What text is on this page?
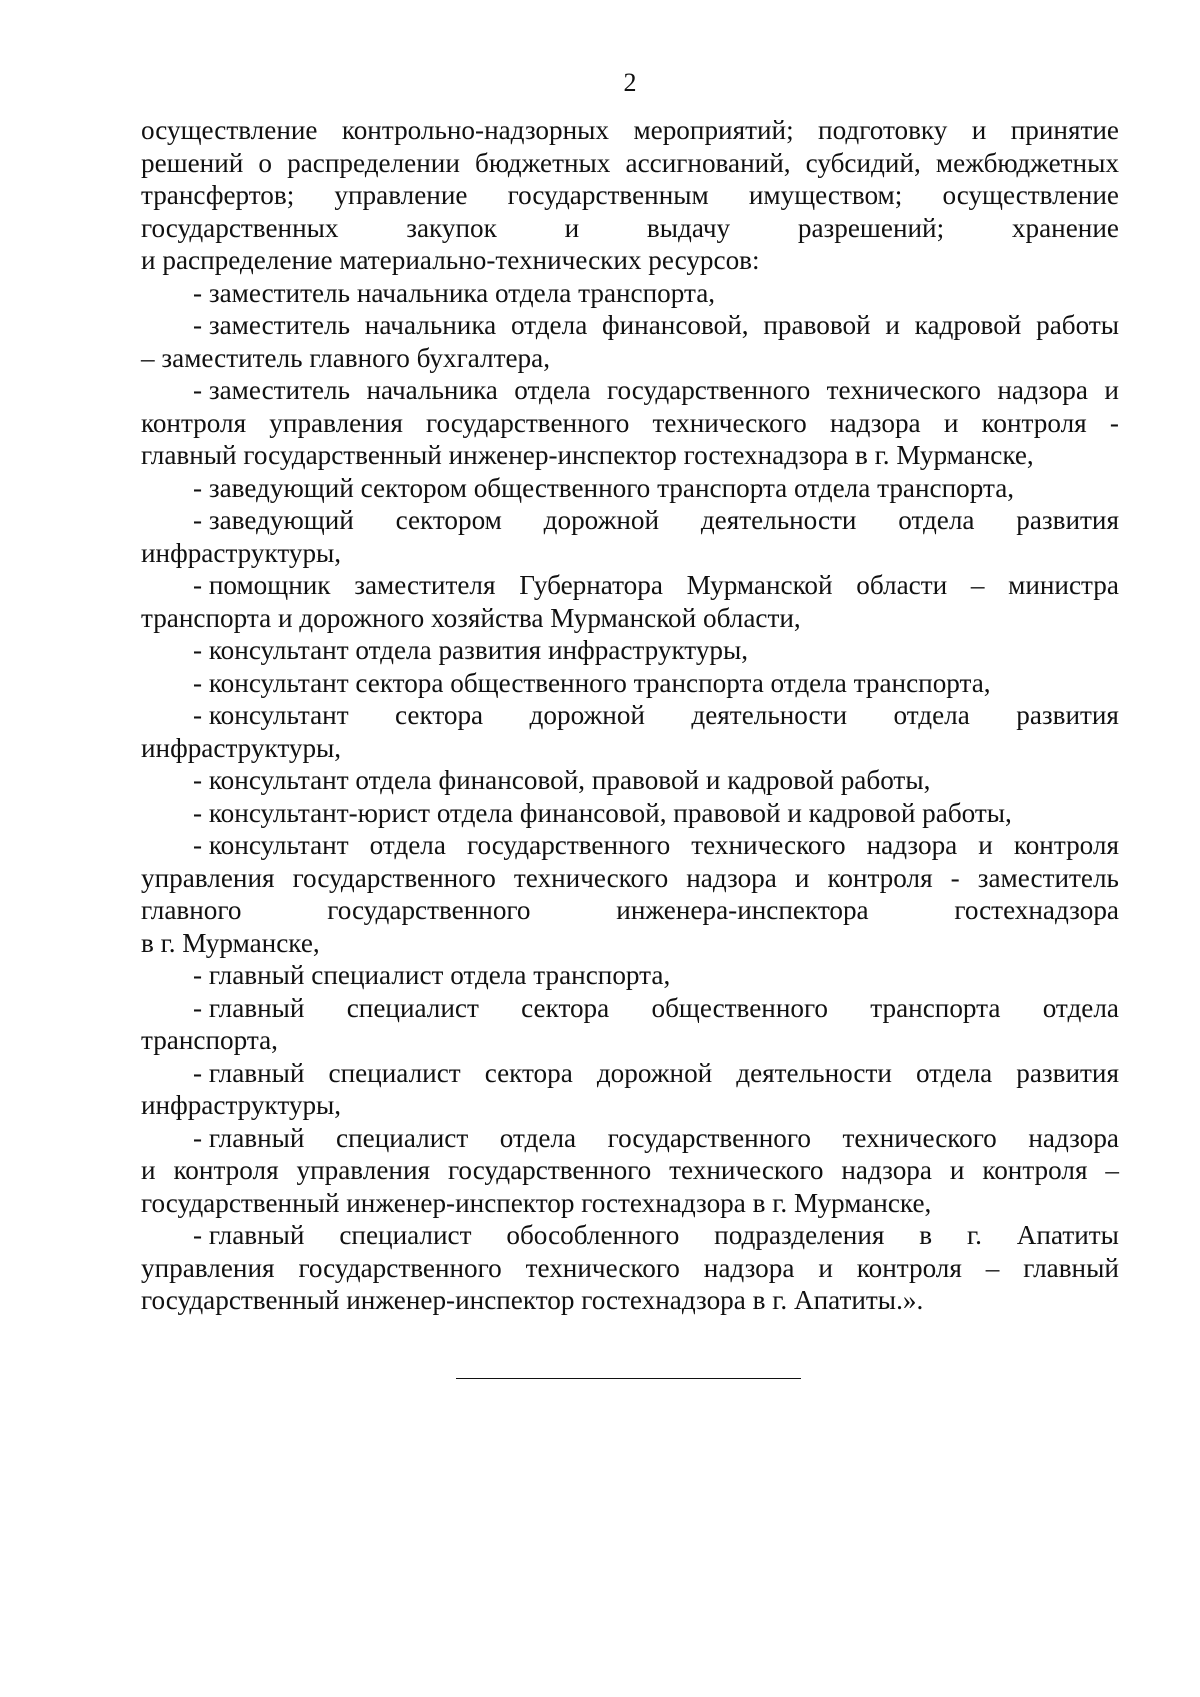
2
осуществление контрольно-надзорных мероприятий; подготовку и принятие
решений о распределении бюджетных ассигнований, субсидий, межбюджетных
трансфертов; управление государственным имуществом; осуществление
государственных закупок и выдачу разрешений; хранение
и распределение материально-технических ресурсов:
- заместитель начальника отдела транспорта,
- заместитель начальника отдела финансовой, правовой и кадровой работы
– заместитель главного бухгалтера,
- заместитель начальника отдела государственного технического надзора и
контроля управления государственного технического надзора и контроля -
главный государственный инженер-инспектор гостехнадзора в г. Мурманске,
- заведующий сектором общественного транспорта отдела транспорта,
- заведующий сектором дорожной деятельности отдела развития
инфраструктуры,
- помощник заместителя Губернатора Мурманской области – министра
транспорта и дорожного хозяйства Мурманской области,
- консультант отдела развития инфраструктуры,
- консультант сектора общественного транспорта отдела транспорта,
- консультант сектора дорожной деятельности отдела развития
инфраструктуры,
- консультант отдела финансовой, правовой и кадровой работы,
- консультант-юрист отдела финансовой, правовой и кадровой работы,
- консультант отдела государственного технического надзора и контроля
управления государственного технического надзора и контроля - заместитель
главного	государственного	инженера-инспектора	гостехнадзора
в г. Мурманске,
- главный специалист отдела транспорта,
- главный специалист сектора общественного транспорта отдела
транспорта,
- главный специалист сектора дорожной деятельности отдела развития
инфраструктуры,
- главный специалист отдела государственного технического надзора
и контроля управления государственного технического надзора и контроля –
государственный инженер-инспектор гостехнадзора в г. Мурманске,
- главный специалист обособленного подразделения в г. Апатиты
управления государственного технического надзора и контроля – главный
государственный инженер-инспектор гостехнадзора в г. Апатиты.».
